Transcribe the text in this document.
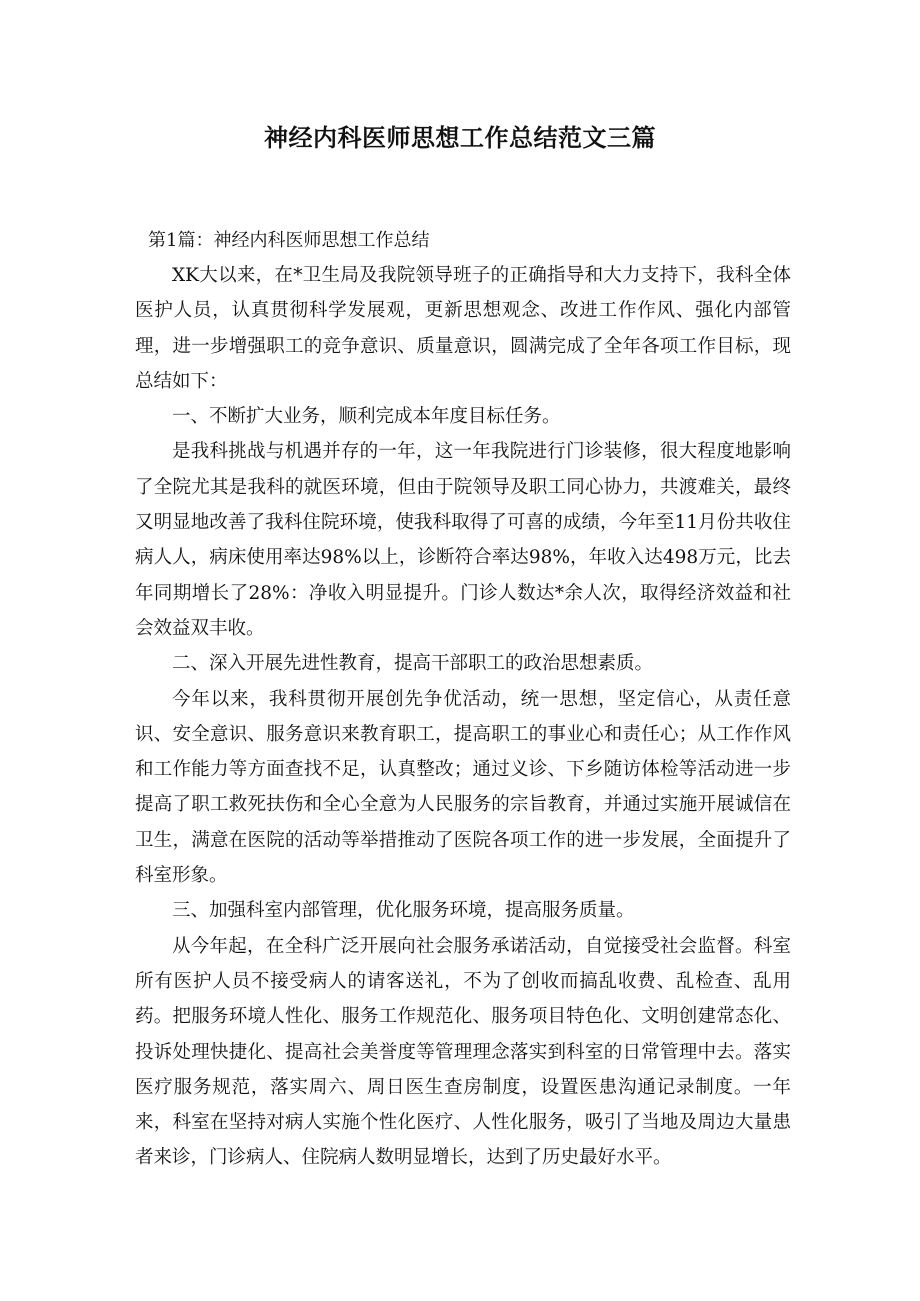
神经内科医师思想工作总结范文三篇
第1篇：神经内科医师思想工作总结

XK大以来，在*卫生局及我院领导班子的正确指导和大力支持下，我科全体医护人员，认真贯彻科学发展观，更新思想观念、改进工作作风、强化内部管理，进一步增强职工的竞争意识、质量意识，圆满完成了全年各项工作目标，现总结如下：

一、不断扩大业务，顺利完成本年度目标任务。

是我科挑战与机遇并存的一年，这一年我院进行门诊装修，很大程度地影响了全院尤其是我科的就医环境，但由于院领导及职工同心协力，共渡难关，最终又明显地改善了我科住院环境，使我科取得了可喜的成绩，今年至11月份共收住病人人，病床使用率达98%以上，诊断符合率达98%，年收入达498万元，比去年同期增长了28%：净收入明显提升。门诊人数达*余人次，取得经济效益和社会效益双丰收。

二、深入开展先进性教育，提高干部职工的政治思想素质。

今年以来，我科贯彻开展创先争优活动，统一思想，坚定信心，从责任意识、安全意识、服务意识来教育职工，提高职工的事业心和责任心；从工作作风和工作能力等方面查找不足，认真整改；通过义诊、下乡随访体检等活动进一步提高了职工救死扶伤和全心全意为人民服务的宗旨教育，并通过实施开展诚信在卫生，满意在医院的活动等举措推动了医院各项工作的进一步发展，全面提升了科室形象。

三、加强科室内部管理，优化服务环境，提高服务质量。

从今年起，在全科广泛开展向社会服务承诺活动，自觉接受社会监督。科室所有医护人员不接受病人的请客送礼，不为了创收而搞乱收费、乱检查、乱用药。把服务环境人性化、服务工作规范化、服务项目特色化、文明创建常态化、投诉处理快捷化、提高社会美誉度等管理理念落实到科室的日常管理中去。落实医疗服务规范，落实周六、周日医生查房制度，设置医患沟通记录制度。一年来，科室在坚持对病人实施个性化医疗、人性化服务，吸引了当地及周边大量患者来诊，门诊病人、住院病人数明显增长，达到了历史最好水平。
